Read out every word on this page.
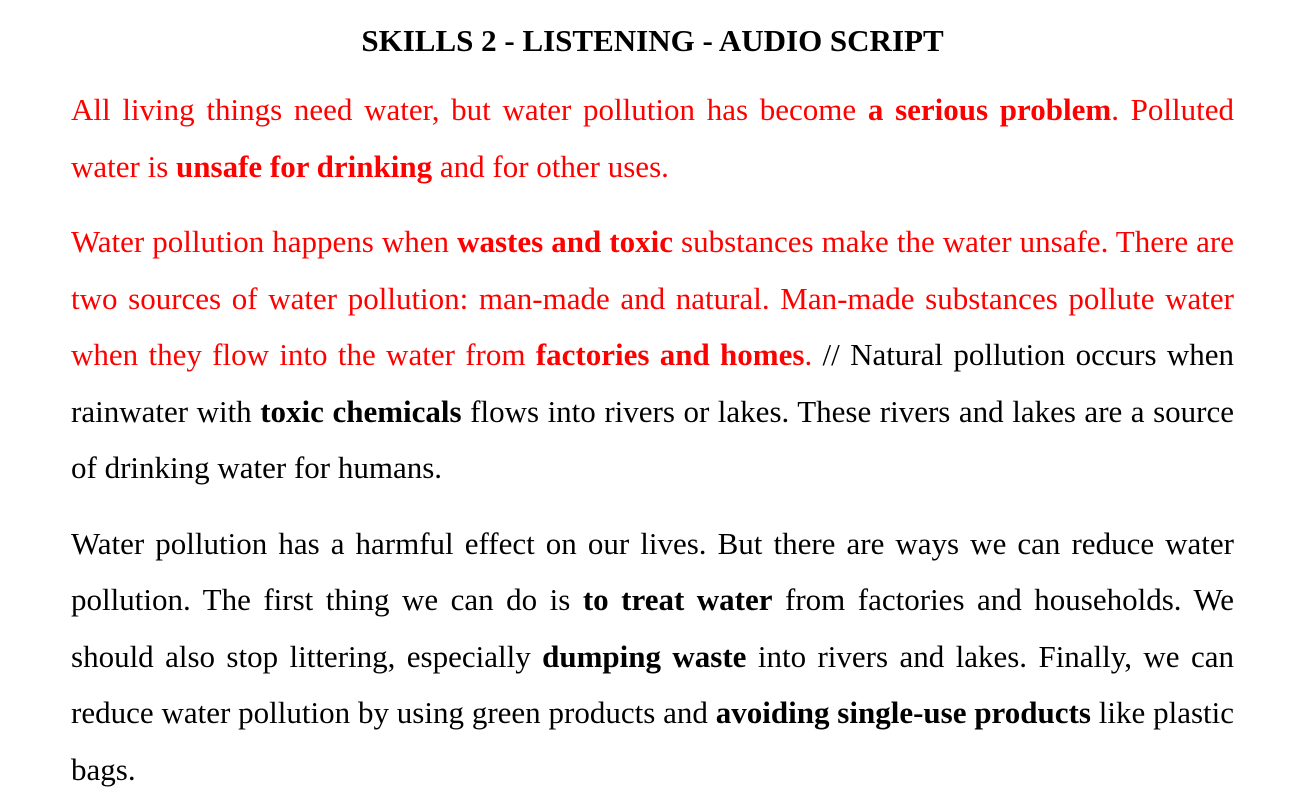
SKILLS 2 - LISTENING - AUDIO SCRIPT

All living things need water, but water pollution has become a serious problem. Polluted water is unsafe for drinking and for other uses.

Water pollution happens when wastes and toxic substances make the water unsafe. There are two sources of water pollution: man-made and natural. Man-made substances pollute water when they flow into the water from factories and homes. // Natural pollution occurs when rainwater with toxic chemicals flows into rivers or lakes. These rivers and lakes are a source of drinking water for humans.

Water pollution has a harmful effect on our lives. But there are ways we can reduce water pollution. The first thing we can do is to treat water from factories and households. We should also stop littering, especially dumping waste into rivers and lakes. Finally, we can reduce water pollution by using green products and avoiding single-use products like plastic bags.
